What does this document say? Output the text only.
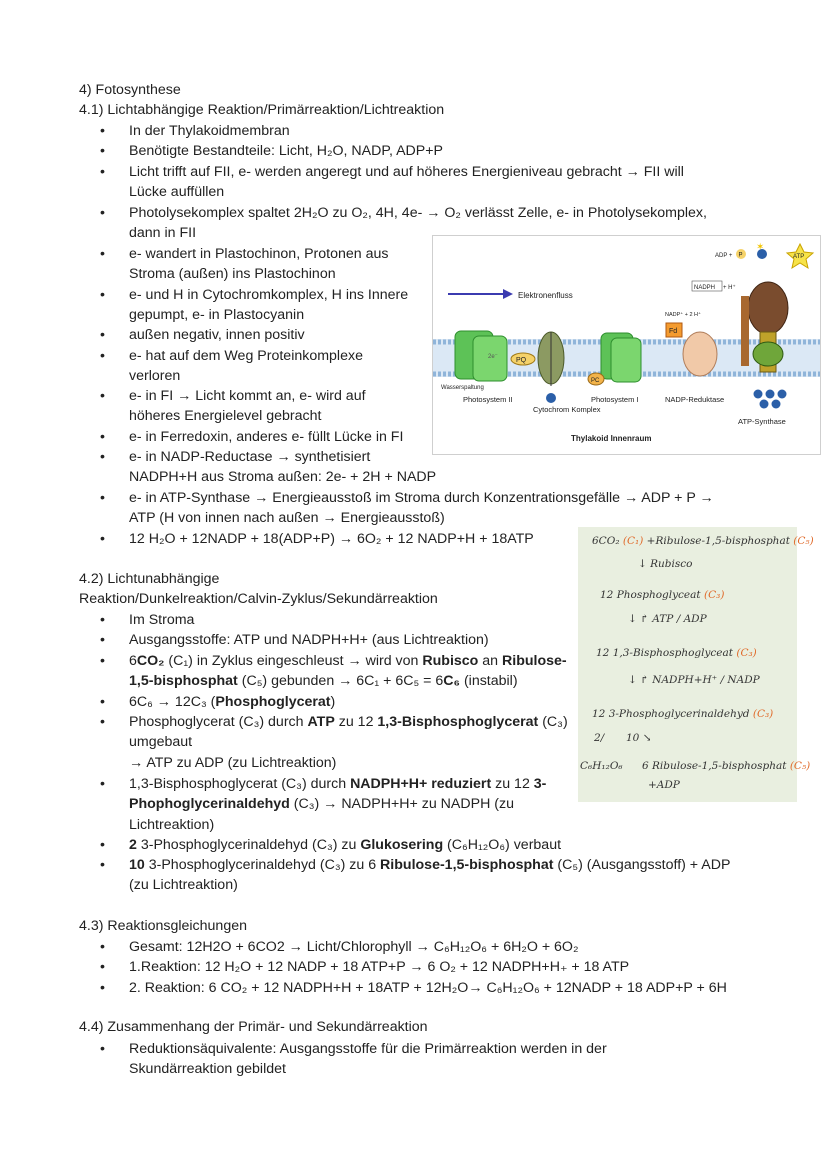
4) Fotosynthese
4.1) Lichtabhängige Reaktion/Primärreaktion/Lichtreaktion
• In der Thylakoidmembran
• Benötigte Bestandteile: Licht, H₂O, NADP, ADP+P
• Licht trifft auf FII, e- werden angeregt und auf höheres Energieniveau gebracht → FII will
Lücke auffüllen
• Photolysekomplex spaltet 2H₂O zu O₂, 4H, 4e- → O₂ verlässt Zelle, e- in Photolysekomplex,
dann in FII
• e- wandert in Plastochinon, Protonen aus
Stroma (außen) ins Plastochinon
• e- und H in Cytochromkomplex, H ins Innere
gepumpt, e- in Plastocyanin
• außen negativ, innen positiv
• e- hat auf dem Weg Proteinkomplexe
verloren
• e- in FI → Licht kommt an, e- wird auf
höheres Energielevel gebracht
• e- in Ferredoxin, anderes e- füllt Lücke in FI
• e- in NADP-Reductase → synthetisiert
NADPH+H aus Stroma außen: 2e- + 2H + NADP
• e- in ATP-Synthase → Energieausstoß im Stroma durch Konzentrationsgefälle → ADP + P →
ATP (H von innen nach außen → Energieausstoß)
• 12 H₂O + 12NADP + 18(ADP+P) → 6O₂ + 12 NADP+H + 18ATP
Elektronenfluss
Wasserspaltung
Photosystem II
2e⁻	PQ
Cytochrom Komplex
Photosystem I
PC
Fd
NADP⁺ + 2 H⁺
NADP-Reduktase
NADPH + H⁺
ATP-Synthase
ADP + P
✶
ATP
Thylakoid Innenraum
6CO₂ (C₁) +Ribulose-1,5-bisphosphat (C₅)
↓ Rubisco
12 Phosphoglyceat (C₃)
↓ ↱ ATP / ADP
12 1,3-Bisphosphoglyceat (C₃)
↓ ↱ NADPH+H⁺ / NADP
12 3-Phosphoglycerinaldehyd (C₃)
2/ 10 ↘
C₆H₁₂O₆ 6 Ribulose-1,5-bisphosphat (C₅)
+ADP
4.2) Lichtunabhängige
Reaktion/Dunkelreaktion/Calvin-Zyklus/Sekundärreaktion
• Im Stroma
• Ausgangsstoffe: ATP und NADPH+H+ (aus Lichtreaktion)
• 6CO₂ (C₁) in Zyklus eingeschleust → wird von Rubisco an Ribulose-
1,5-bisphosphat (C₅) gebunden → 6C₁ + 6C₅ = 6C₆ (instabil)
• 6C₆ → 12C₃ (Phosphoglycerat)
• Phosphoglycerat (C₃) durch ATP zu 12 1,3-Bisphosphoglycerat (C₃)
umgebaut
→ ATP zu ADP (zu Lichtreaktion)
• 1,3-Bisphosphoglycerat (C₃) durch NADPH+H+ reduziert zu 12 3-
Phophoglycerinaldehyd (C₃) → NADPH+H+ zu NADPH (zu
Lichtreaktion)
• 2 3-Phosphoglycerinaldehyd (C₃) zu Glukosering (C₆H₁₂O₆) verbaut
• 10 3-Phosphoglycerinaldehyd (C₃) zu 6 Ribulose-1,5-bisphosphat (C₅) (Ausgangsstoff) + ADP
(zu Lichtreaktion)
4.3) Reaktionsgleichungen
• Gesamt: 12H2O + 6CO2 → Licht/Chlorophyll → C₆H₁₂O₆ + 6H₂O + 6O₂
• 1.Reaktion: 12 H₂O + 12 NADP + 18 ATP+P → 6 O₂ + 12 NADPH+H₊ + 18 ATP
• 2. Reaktion: 6 CO₂ + 12 NADPH+H + 18ATP + 12H₂O→ C₆H₁₂O₆ + 12NADP + 18 ADP+P + 6H
4.4) Zusammenhang der Primär- und Sekundärreaktion
• Reduktionsäquivalente: Ausgangsstoffe für die Primärreaktion werden in der
Skundärreaktion gebildet
